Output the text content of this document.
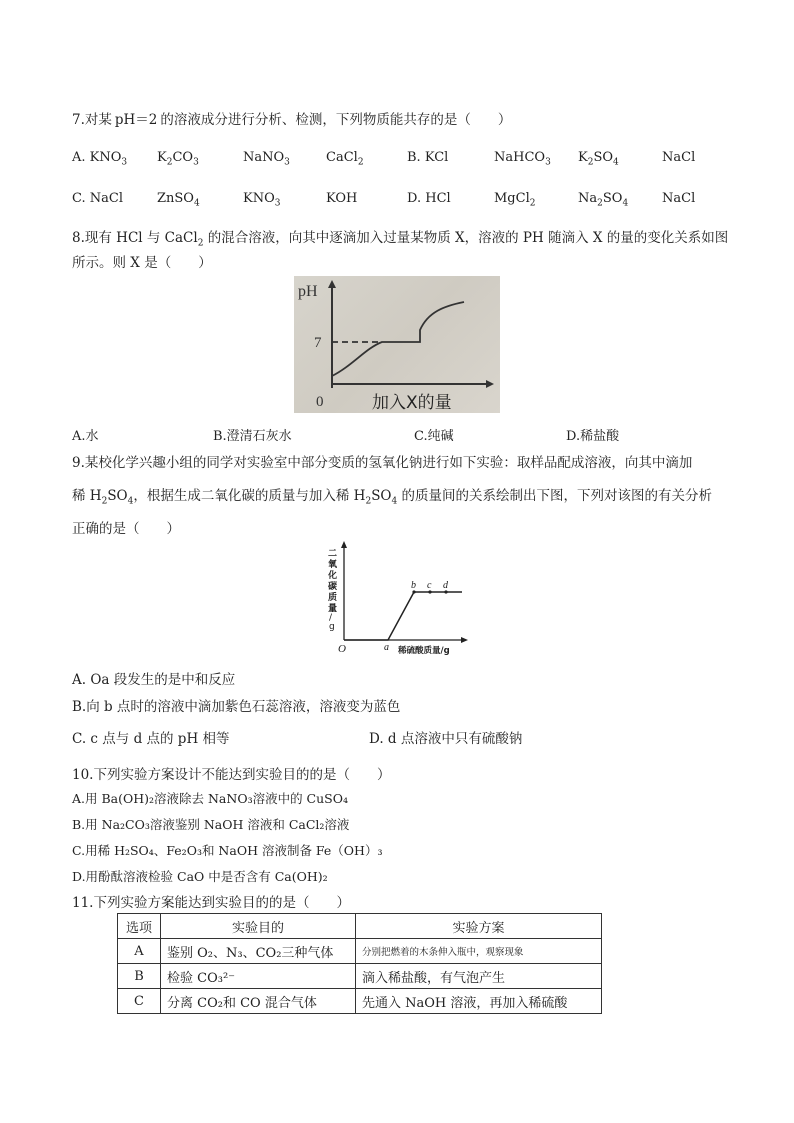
7.对某 pH＝2 的溶液成分进行分析、检测，下列物质能共存的是（　　）
A. $KNO_3$ $K_2CO_3$	NaNO$_3$	CaCl$_2$	B. KCl	NaHCO$_3$ $K_2SO_4$	NaCl
C. NaCl	ZnSO$_4$	$KNO_3$	KOH	D. HCl	MgCl$_2$	$Na_2SO_4$	NaCl
8.现有 HCl 与 CaCl$_2$ 的混合溶液，向其中逐滴加入过量某物质 X，溶液的 PH 随滴入 X 的量的变化关系如图
所示。则 X 是（　　）
pH
7
0	加入X的量
A.水	B.澄清石灰水	C.纯碱	D.稀盐酸
9.某校化学兴趣小组的同学对实验室中部分变质的氢氧化钠进行如下实验：取样品配成溶液，向其中滴加
稀 $H_2SO_4$，根据生成二氧化碳的质量与加入稀 $H_2SO_4$ 的质量间的关系绘制出下图，下列对该图的有关分析
正确的是（　　）
二
氧
化
碳
质
量
/
g
O	a
b c d
稀硫酸质量/g
A. Oa 段发生的是中和反应
B.向 b 点时的溶液中滴加紫色石蕊溶液，溶液变为蓝色
C. c 点与 d 点的 pH 相等	D. d 点溶液中只有硫酸钠
10.下列实验方案设计不能达到实验目的的是（　　）
A.用 Ba(OH)₂溶液除去 NaNO₃溶液中的 CuSO₄
B.用 Na₂CO₃溶液鉴别 NaOH 溶液和 CaCl₂溶液
C.用稀 H₂SO₄、Fe₂O₃和 NaOH 溶液制备 Fe（OH）₃
D.用酚酞溶液检验 CaO 中是否含有 Ca(OH)₂
11.下列实验方案能达到实验目的的是（　　）
选项	实验目的	实验方案
A	鉴别 O₂、N₃、CO₂三种气体	分别把燃着的木条伸入瓶中，观察现象
B	检验 CO₃²⁻	滴入稀盐酸，有气泡产生
C	分离 CO₂和 CO 混合气体	先通入 NaOH 溶液，再加入稀硫酸
